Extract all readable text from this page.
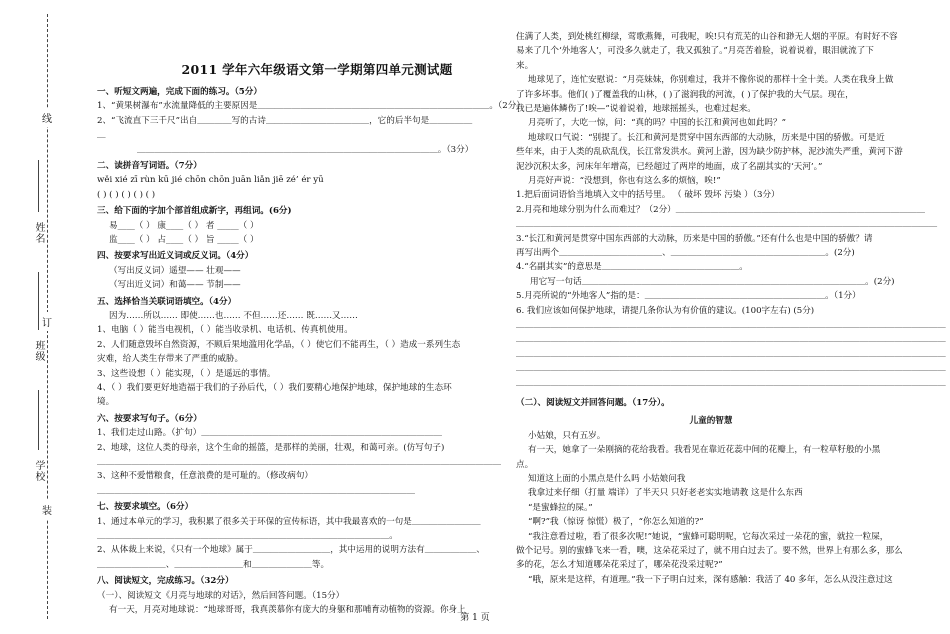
线
订
装
姓名
班级
学校
2011 学年六年级语文第一学期第四单元测试题
一、听短文两遍，完成下面的练习。（5分）
1、“黄果树瀑布”水流量降低的主要原因是＿＿＿＿＿＿＿＿＿＿＿＿＿＿＿＿＿＿＿＿＿＿＿＿＿＿＿。（2分）
2、“飞流直下三千尺”出自＿＿＿＿写的古诗＿＿＿＿＿＿＿＿＿＿＿＿，它的后半句是＿＿＿＿＿
＿
＿＿＿＿＿＿＿＿＿＿＿＿＿＿＿＿＿＿＿＿＿＿＿＿＿＿＿＿＿＿＿＿＿＿＿。（3分）
二、读拼音写词语。（7分）
wěi xié zī rùn kū jié chōn chōn juān liǎn jiē zé’ ér yū
( ) ( ) ( ) ( ) ( )
三、给下面的字加个部首组成新字，再组词。(6分)
易____（ ） 康____（ ） 者 _____（ ）
监____（ ） 占____（ ） 旨 _____（ ）
四、按要求写出近义词或反义词。（4分）
（写出反义词）遥望—— 壮观——
（写出近义词）和蔼—— 节制——
五、选择恰当关联词语填空。（4分）
因为……所以…… 即使……也…… 不但……还…… 既……又……
1、电脑（ ）能当电视机，（ ）能当收录机、电话机、传真机使用。
2、人们随意毁坏自然资源，不顾后果地滥用化学品，（ ）使它们不能再生，（ ）造成一系列生态
灾难，给人类生存带来了严重的威胁。
3、这些设想（ ）能实现，（ ）是遥远的事情。
4、（ ）我们要更好地造福于我们的子孙后代，（ ）我们要精心地保护地球，保护地球的生态环
境。
六、按要求写句子。（6分）
1、我们走过山路。（扩句）＿＿＿＿＿＿＿＿＿＿＿＿＿＿＿＿＿＿＿＿＿＿＿＿＿＿＿＿
2、地球，这位人类的母亲，这个生命的摇篮，是那样的美丽，壮观，和蔼可亲。(仿写句子)
＿＿＿＿＿＿＿＿＿＿＿＿＿＿＿＿＿＿＿＿＿＿＿＿＿＿＿＿＿＿＿＿＿＿＿＿＿＿＿＿＿＿＿＿＿＿＿
3、这种不爱惜粮食，任意浪费的是可耻的。（修改病句）
＿＿＿＿＿＿＿＿＿＿＿＿＿＿＿＿＿＿＿＿＿＿＿＿＿＿＿＿＿＿＿＿＿＿＿＿＿
七、按要求填空。（6分）
1、通过本单元的学习，我积累了很多关于环保的宣传标语，其中我最喜欢的一句是＿＿＿＿＿＿＿＿
＿＿＿＿＿＿＿＿＿＿＿＿＿＿＿＿＿＿＿＿＿＿＿＿＿＿＿＿＿＿＿＿＿＿。
2、从体裁上来说，《只有一个地球》属于＿＿＿＿＿＿＿＿＿，其中运用的说明方法有＿＿＿＿＿＿、
＿＿＿＿＿＿＿＿、＿＿＿＿＿＿＿＿和＿＿＿＿＿＿＿等。
八、阅读短文，完成练习。（32分）
（一）、阅读短文《月亮与地球的对话》，然后回答问题。（15分）
有一天，月亮对地球说：“地球哥哥，我真羡慕你有庞大的身躯和那哺育动植物的资源。你身上
住满了人类，到处桃红柳绿，莺歌燕舞，可我呢，唉!只有荒芜的山谷和渺无人烟的平原。有时好不容
易来了几个‘外地客人’，可没多久就走了，我又孤独了。”月亮苦着脸，说着说着，眼泪就流了下
来。
地球见了，连忙安慰说：“月亮妹妹，你别难过，我并不像你说的那样十全十美。人类在我身上做
了许多坏事。他们( )了覆盖我的山林，( )了滋润我的河流，( )了保护我的大气层。现在，
我已是遍体鳞伤了!唉—”说着说着，地球摇摇头，也难过起来。
月亮听了，大吃一惊，问：“真的吗？中国的长江和黄河也如此吗？”
地球叹口气说：“别提了。长江和黄河是贯穿中国东西部的大动脉，历来是中国的骄傲。可是近
些年来，由于人类的乱砍乱伐，长江常发洪水。黄河上游，因为缺少防护林，泥沙流失严重，黄河下游
泥沙沉积太多，河床年年增高，已经超过了两岸的地面，成了名副其实的‘天河’。”
月亮好声说：“没想到，你也有这么多的烦恼，唉!”
1.把后面词语恰当地填入文中的括号里。 （ 破坏 毁坏 污染 ）（3分）
2.月亮和地球分别为什么而难过？（2分）＿＿＿＿＿＿＿＿＿＿＿＿＿＿＿＿＿＿＿＿＿＿＿＿＿＿＿＿＿
＿＿＿＿＿＿＿＿＿＿＿＿＿＿＿＿＿＿＿＿＿＿＿＿＿＿＿＿＿＿＿＿＿＿＿＿＿＿＿＿＿＿＿＿＿＿＿＿＿
3.“长江和黄河是贯穿中国东西部的大动脉，历来是中国的骄傲。”还有什么也是中国的骄傲？请
再写出两个＿＿＿＿＿＿＿＿＿＿＿＿、＿＿＿＿＿＿＿＿＿＿＿＿＿＿＿＿＿＿。(2分)
4.“名副其实”的意思是＿＿＿＿＿＿＿＿＿＿＿＿＿＿＿＿。
用它写一句话＿＿＿＿＿＿＿＿＿＿＿＿＿＿＿＿＿＿＿＿＿＿＿＿＿＿＿＿＿＿＿＿＿。(2分)
5.月亮所说的“外地客人”指的是：＿＿＿＿＿＿＿＿＿＿＿＿＿＿＿＿＿＿＿＿＿。（1分）
6. 我们应该如何保护地球，请提几条你认为有价值的建议。(100字左右) (5分)
＿＿＿＿＿＿＿＿＿＿＿＿＿＿＿＿＿＿＿＿＿＿＿＿＿＿＿＿＿＿＿＿＿＿＿＿＿＿＿＿＿＿＿＿＿＿＿＿＿＿
＿＿＿＿＿＿＿＿＿＿＿＿＿＿＿＿＿＿＿＿＿＿＿＿＿＿＿＿＿＿＿＿＿＿＿＿＿＿＿＿＿＿＿＿＿＿＿＿＿＿
＿＿＿＿＿＿＿＿＿＿＿＿＿＿＿＿＿＿＿＿＿＿＿＿＿＿＿＿＿＿＿＿＿＿＿＿＿＿＿＿＿＿＿＿＿＿＿＿＿＿
＿＿＿＿＿＿＿＿＿＿＿＿＿＿＿＿＿＿＿＿＿＿＿＿＿＿＿＿＿＿＿＿＿＿＿＿＿＿＿＿＿＿＿＿＿＿＿＿＿＿
＿＿＿＿＿＿＿＿＿＿＿＿＿＿＿＿＿＿＿＿＿＿＿＿＿＿＿＿＿＿＿＿＿＿＿＿＿＿＿＿＿＿＿＿＿＿＿＿＿＿
（二）、阅读短文并回答问题。（17分）。
儿童的智慧
小姑娘，只有五岁。
有一天，她拿了一朵刚摘的花给我看。我看见在靠近花蕊中间的花瓣上，有一粒草籽般的小黑
点。
知道这上面的小黑点是什么吗 小姑娘问我
我拿过来仔细（打量 端详）了半天只 只好老老实实地请教 这是什么东西
“是蜜蜂拉的屎。”
“啊?”我（惊讶 惊慌）极了，“你怎么知道的?”
“我注意看过啦，看了很多次呢!”她说，“蜜蜂可聪明呢，它每次采过一朵花的蜜，就拉一粒屎，
做个记号。别的蜜蜂飞来一看，噢，这朵花采过了，就不用白过去了。要不然，世界上有那么多，那么
多的花，怎么才知道哪朵花采过了，哪朵花没采过呢?”
“哦，原来是这样，有道理。”我一下子明白过来，深有感触：我活了 40 多年，怎么从没注意过这
第 1 页
